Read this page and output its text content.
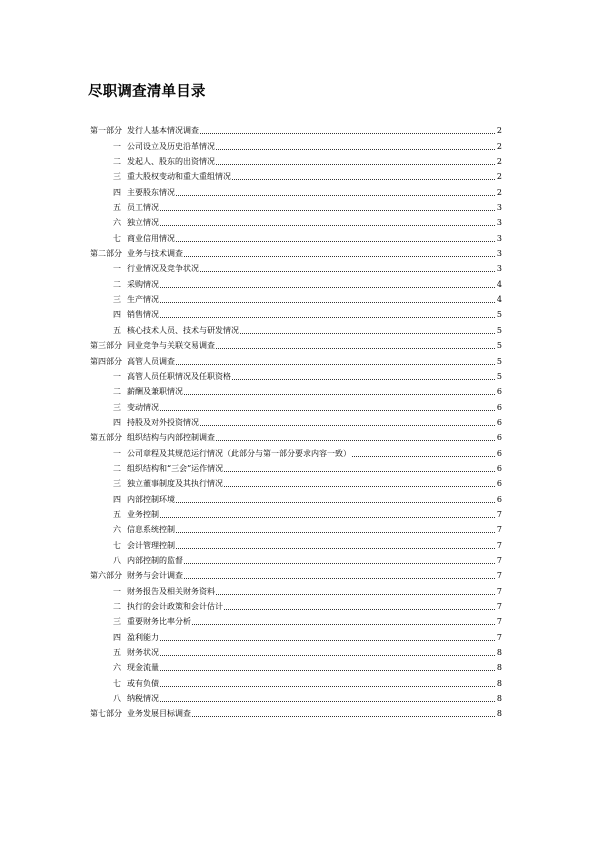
尽职调查清单目录
第一部分 发行人基本情况调查	2
一 公司设立及历史沿革情况	2
二 发起人、股东的出资情况	2
三 重大股权变动和重大重组情况	2
四 主要股东情况	2
五 员工情况	3
六 独立情况	3
七 商业信用情况	3
第二部分 业务与技术调查	3
一 行业情况及竞争状况	3
二 采购情况	4
三 生产情况	4
四 销售情况	5
五 核心技术人员、技术与研发情况	5
第三部分 同业竞争与关联交易调查	5
第四部分 高管人员调查	5
一 高管人员任职情况及任职资格	5
二 薪酬及兼职情况	6
三 变动情况	6
四 持股及对外投资情况	6
第五部分 组织结构与内部控制调查	6
一 公司章程及其规范运行情况（此部分与第一部分要求内容一致）	6
二 组织结构和“三会”运作情况	6
三 独立董事制度及其执行情况	6
四 内部控制环境	6
五 业务控制	7
六 信息系统控制	7
七 会计管理控制	7
八 内部控制的监督	7
第六部分 财务与会计调查	7
一 财务报告及相关财务资料	7
二 执行的会计政策和会计估计	7
三 重要财务比率分析	7
四 盈利能力	7
五 财务状况	8
六 现金流量	8
七 或有负债	8
八 纳税情况	8
第七部分 业务发展目标调查	8
